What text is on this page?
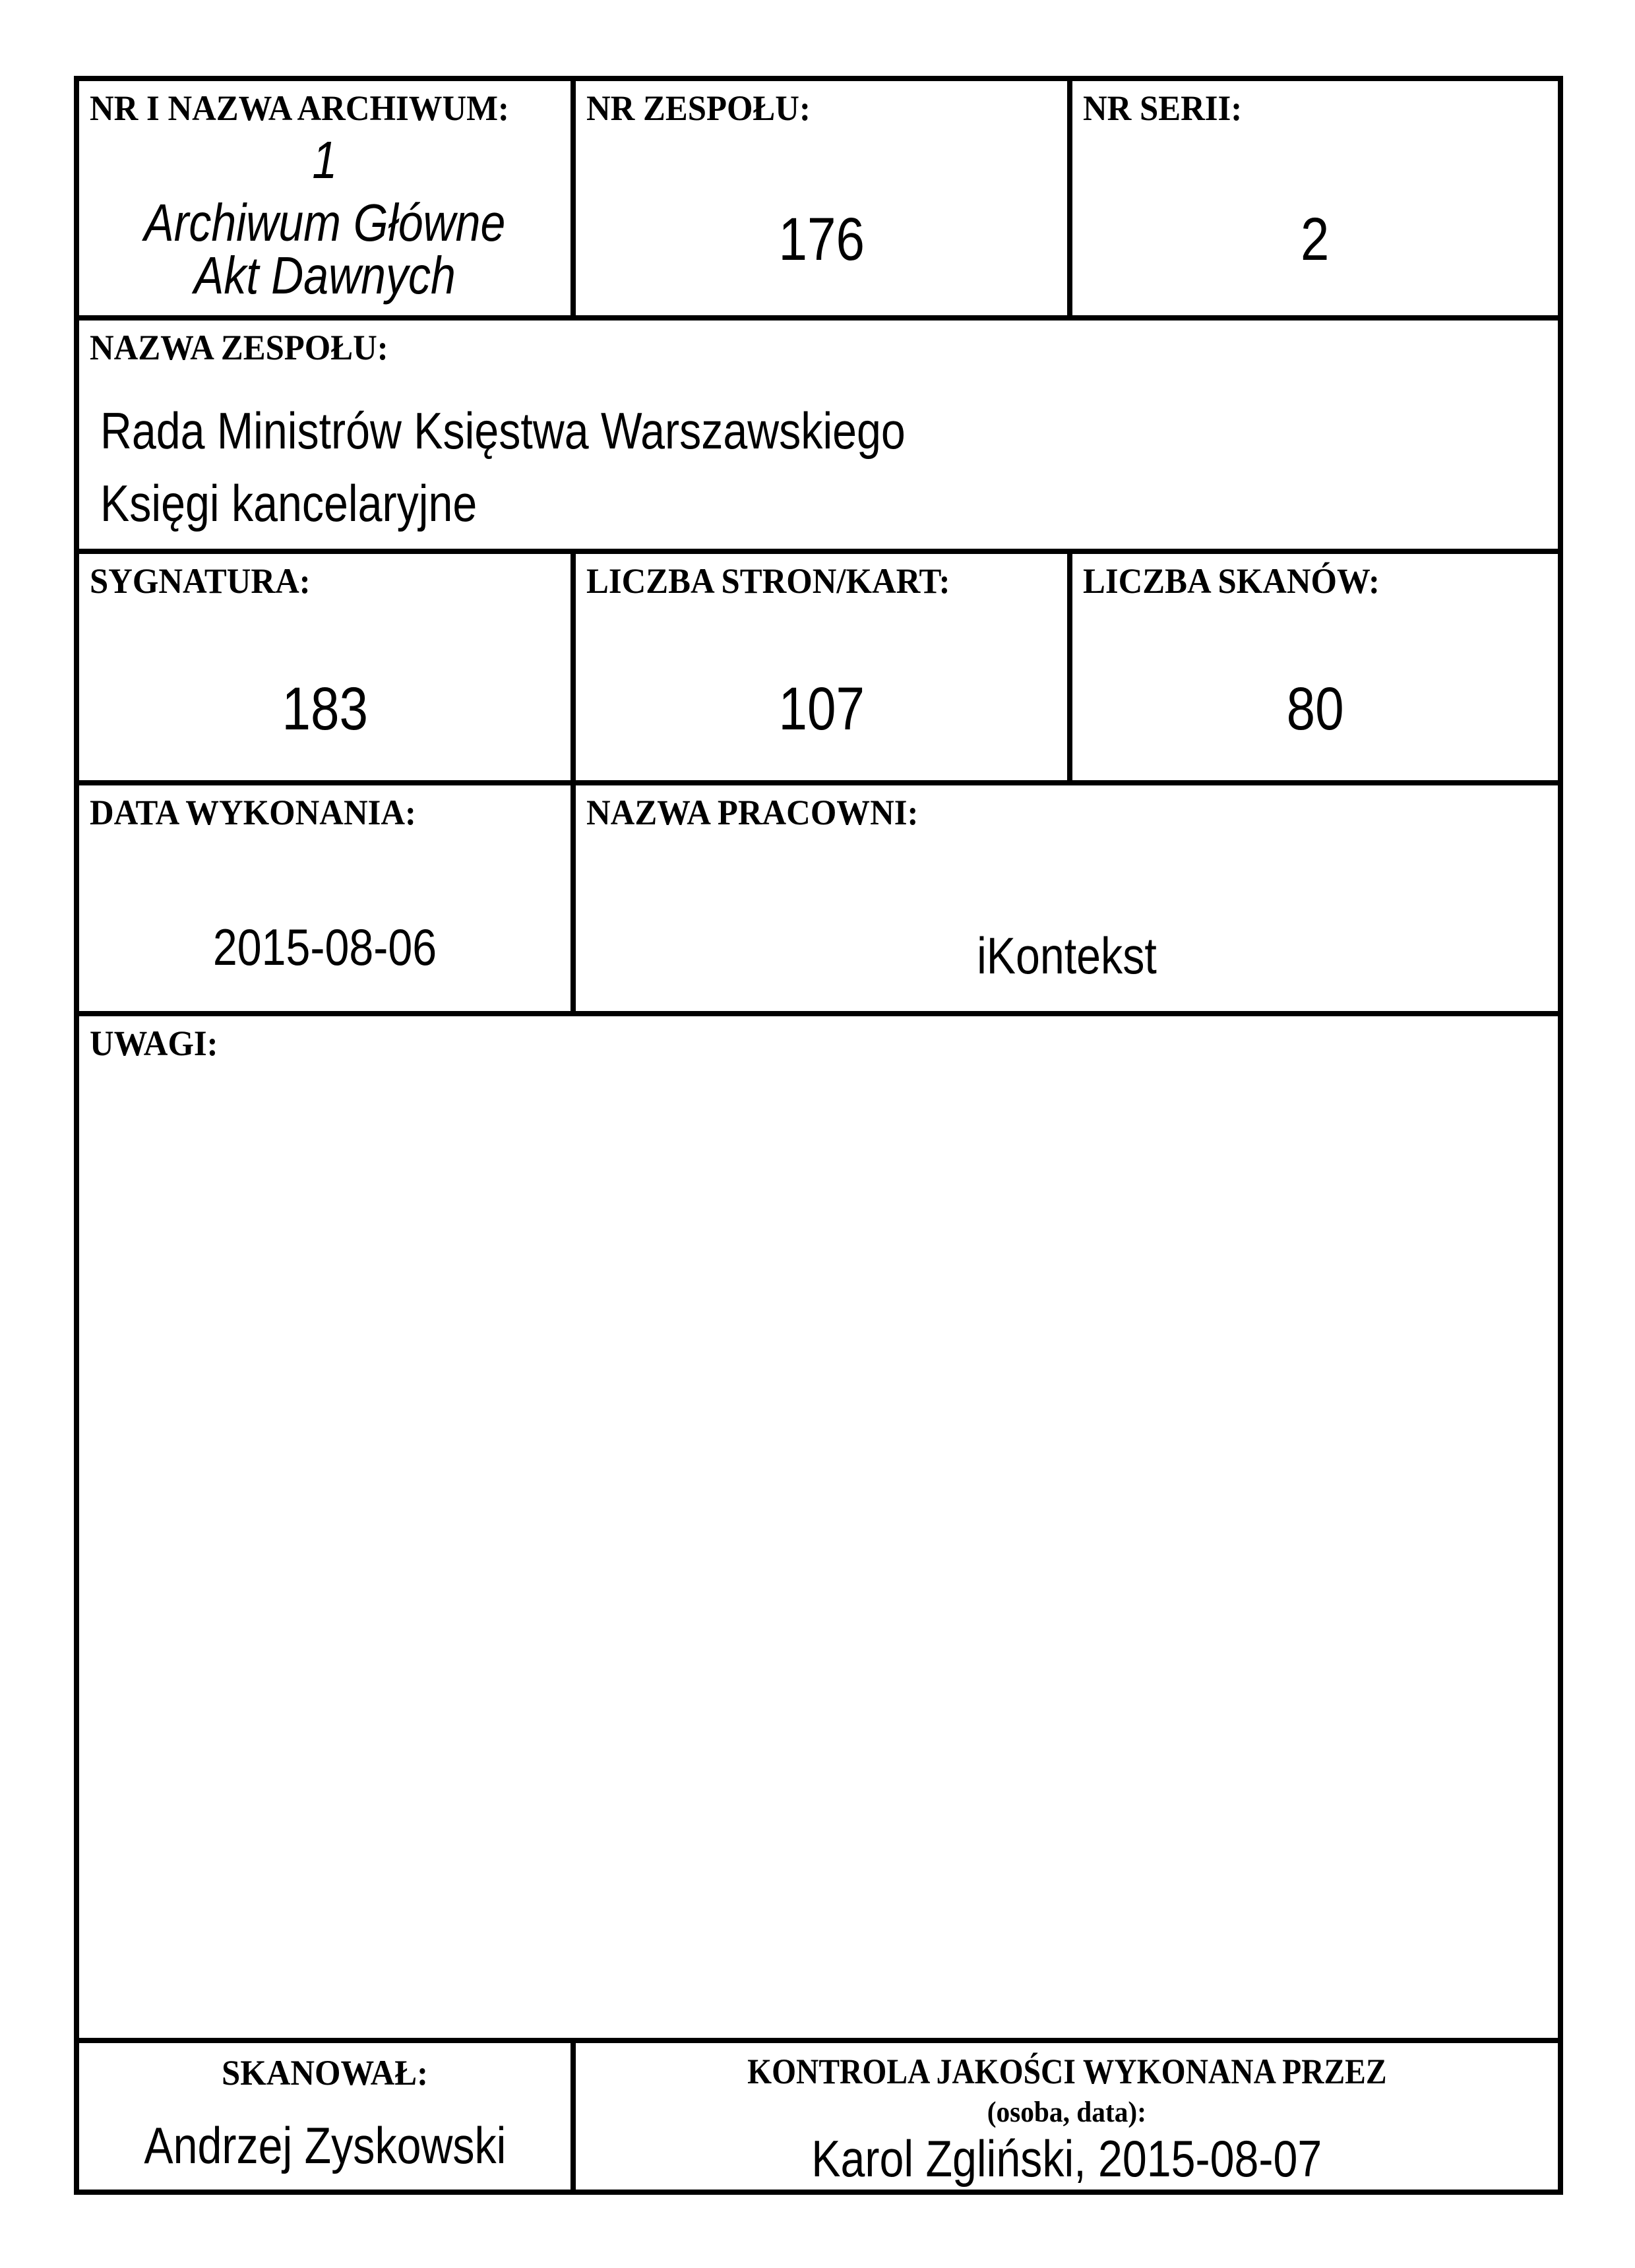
NR I NAZWA ARCHIWUM:
1
Archiwum Główne
Akt Dawnych

NR ZESPOŁU:
176

NR SERII:
2

NAZWA ZESPOŁU:
Rada Ministrów Księstwa Warszawskiego
Księgi kancelaryjne		

SYGNATURA:
183

LICZBA STRON/KART:
107

LICZBA SKANÓW:
80

DATA WYKONANIA:
2015-08-06

NAZWA PRACOWNI:
iKontekst

UWAGI:		

SKANOWAŁ:
Andrzej Zyskowski

KONTROLA JAKOŚCI WYKONANA PRZEZ
(osoba, data):
Karol Zgliński, 2015-08-07
